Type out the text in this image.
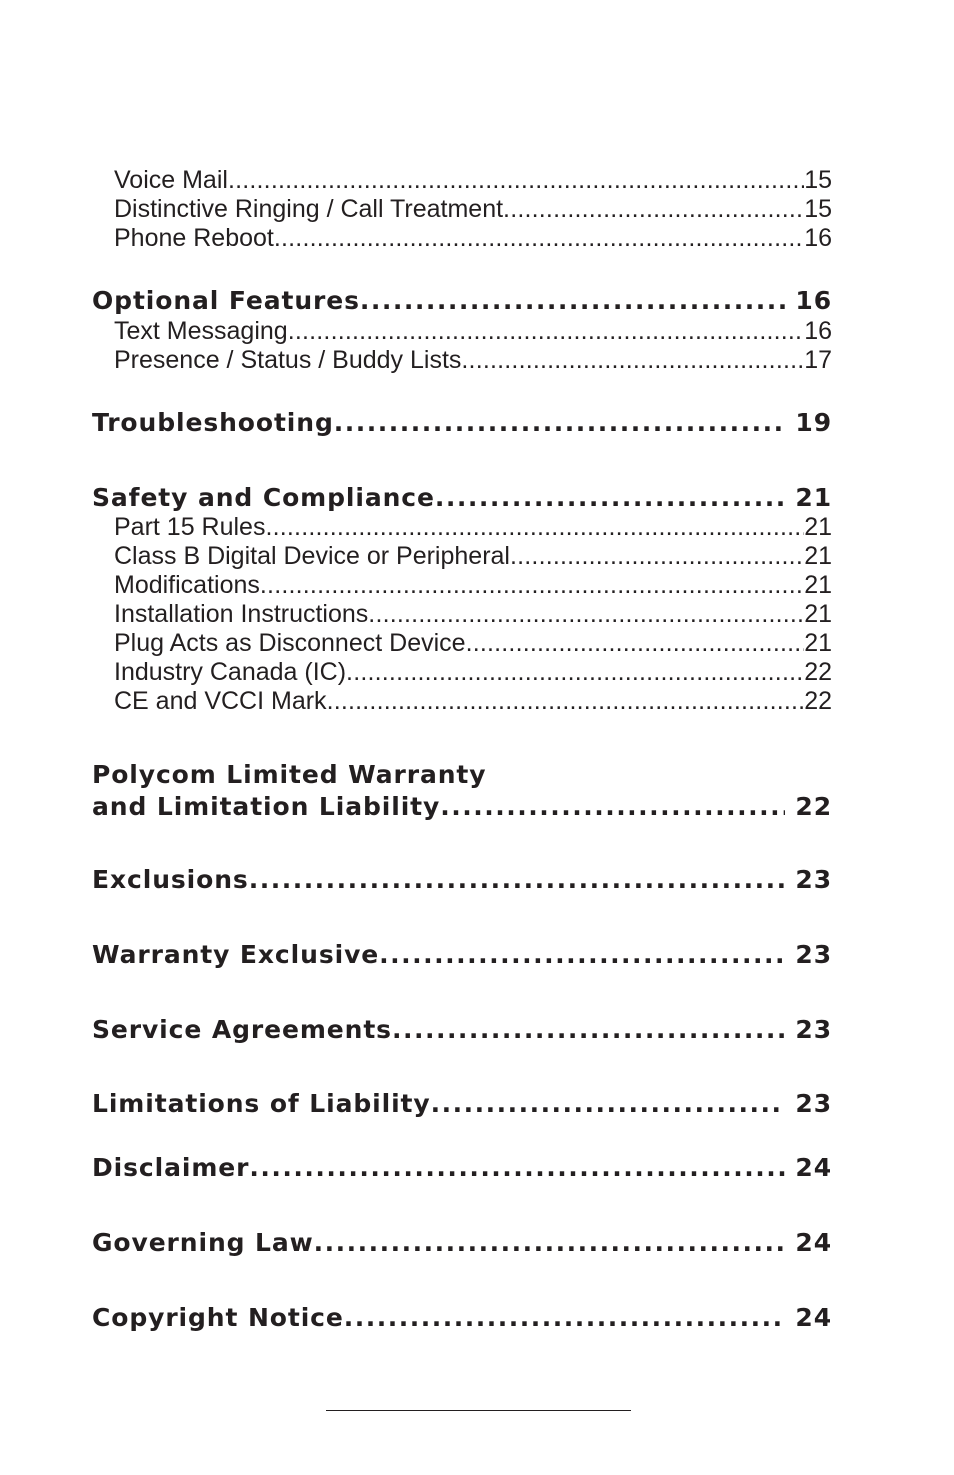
Voice Mail .....	15
Distinctive Ringing / Call Treatment .....	15
Phone Reboot .....	16
Optional Features .....	16
Text Messaging .....	16
Presence / Status / Buddy Lists .....	17
Troubleshooting .....	19
Safety and Compliance .....	21
Part 15 Rules .....	21
Class B Digital Device or Peripheral .....	21
Modifications .....	21
Installation Instructions .....	21
Plug Acts as Disconnect Device .....	21
Industry Canada (IC) .....	22
CE and VCCI Mark .....	22
Polycom Limited Warranty
and Limitation Liability .....	22
Exclusions .....	23
Warranty Exclusive .....	23
Service Agreements .....	23
Limitations of Liability .....	23
Disclaimer .....	24
Governing Law .....	24
Copyright Notice .....	24
